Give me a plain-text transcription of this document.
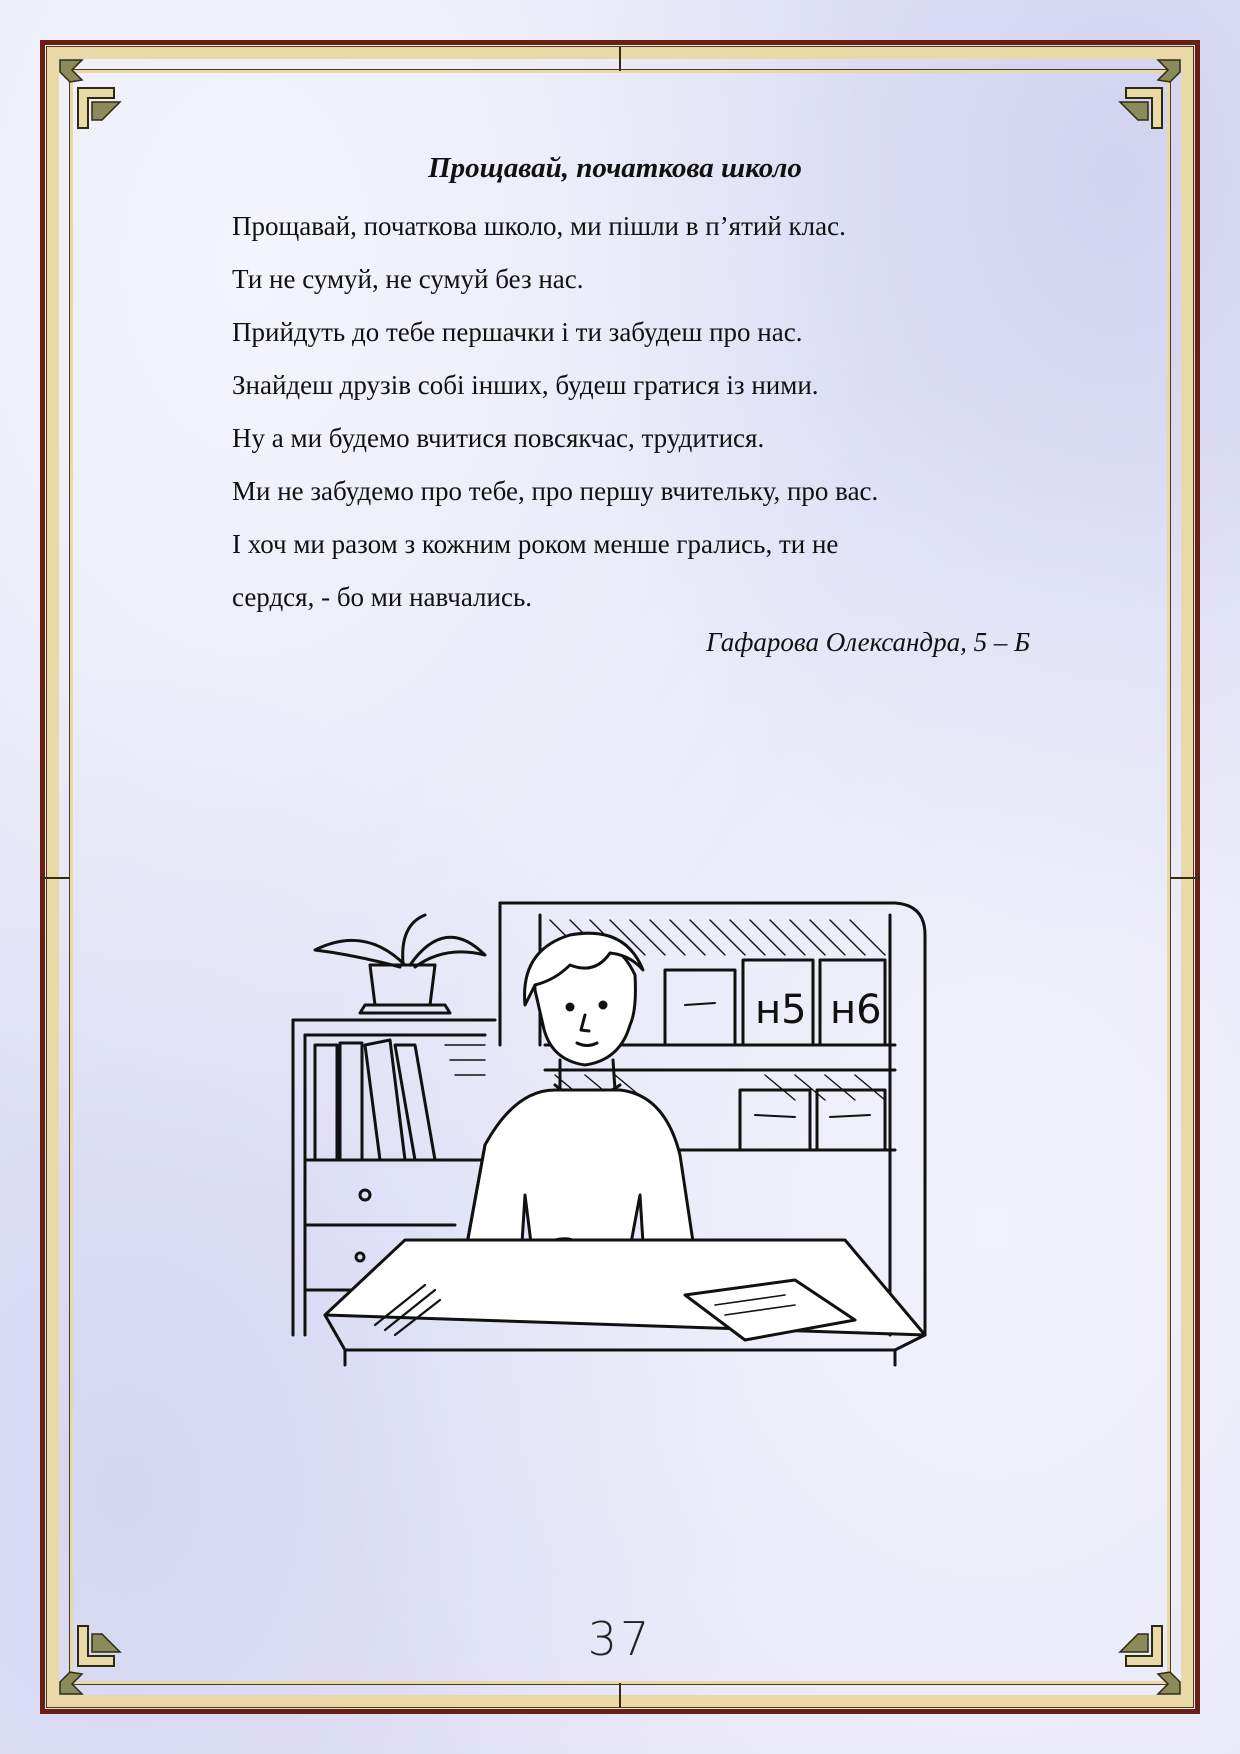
Прощавай, початкова школо
Прощавай, початкова школо, ми пішли в п’ятий клас.
Ти не сумуй, не сумуй без нас.
Прийдуть до тебе першачки і ти забудеш про нас.
Знайдеш друзів собі інших, будеш гратися із ними.
Ну а ми будемо вчитися повсякчас, трудитися.
Ми не забудемо про тебе, про першу вчительку, про вас.
І хоч ми разом з кожним роком менше грались, ти не
сердся, - бо ми навчались.
Гафарова Олександра, 5 – Б
н5 н6
37
